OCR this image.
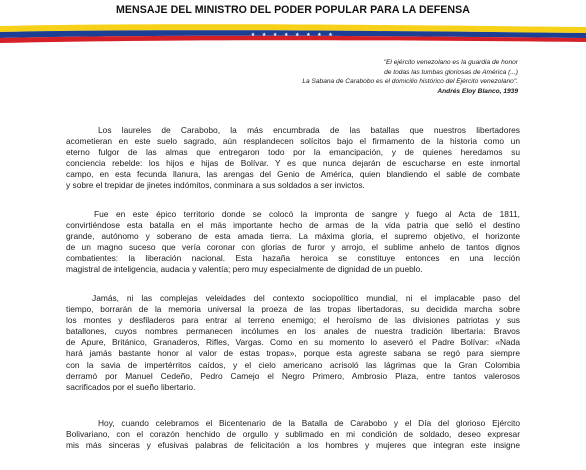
MENSAJE DEL MINISTRO DEL PODER POPULAR PARA LA DEFENSA
★ ★ ★ ★ ★ ★ ★ ★
"El ejército venezolano es la guardia de honor
de todas las tumbas gloriosas de América (...)
La Sabana de Carabobo es el domicilio histórico del Ejército venezolano".
Andrés Eloy Blanco, 1939
Los laureles de Carabobo, la más encumbrada de las batallas que nuestros libertadores
acometieran en este suelo sagrado, aún resplandecen solícitos bajo el firmamento de la historia como un
eterno fulgor de las almas que entregaron todo por la emancipación, y de quienes heredamos su
conciencia rebelde: los hijos e hijas de Bolívar. Y es que nunca dejarán de escucharse en este inmortal
campo, en esta fecunda llanura, las arengas del Genio de América, quien blandiendo el sable de combate
y sobre el trepidar de jinetes indómitos, conminara a sus soldados a ser invictos.
Fue en este épico territorio donde se colocó la impronta de sangre y fuego al Acta de 1811,
convirtiéndose esta batalla en el más importante hecho de armas de la vida patria que selló el destino
grande, autónomo y soberano de esta amada tierra. La máxima gloria, el supremo objetivo, el horizonte
de un magno suceso que vería coronar con glorias de furor y arrojo, el sublime anhelo de tantos dignos
combatientes: la liberación nacional. Esta hazaña heroica se constituye entonces en una lección
magistral de inteligencia, audacia y valentía; pero muy especialmente de dignidad de un pueblo.
Jamás, ni las complejas veleidades del contexto sociopolítico mundial, ni el implacable paso del
tiempo, borrarán de la memoria universal la proeza de las tropas libertadoras, su decidida marcha sobre
los montes y desfiladeros para entrar al terreno enemigo; el heroísmo de las divisiones patriotas y sus
batallones, cuyos nombres permanecen incólumes en los anales de nuestra tradición libertaria: Bravos
de Apure, Británico, Granaderos, Rifles, Vargas. Como en su momento lo aseveró el Padre Bolívar: «Nada
hará jamás bastante honor al valor de estas tropas», porque esta agreste sabana se regó para siempre
con la savia de impertérritos caídos, y el cielo americano acrisoló las lágrimas que la Gran Colombia
derramó por Manuel Cedeño, Pedro Camejo el Negro Primero, Ambrosio Plaza, entre tantos valerosos
sacrificados por el sueño libertario.
Hoy, cuando celebramos el Bicentenario de la Batalla de Carabobo y el Día del glorioso Ejército
Bolivariano, con el corazón henchido de orgullo y sublimado en mi condición de soldado, deseo expresar
mis más sinceras y efusivas palabras de felicitación a los hombres y mujeres que integran este insigne
